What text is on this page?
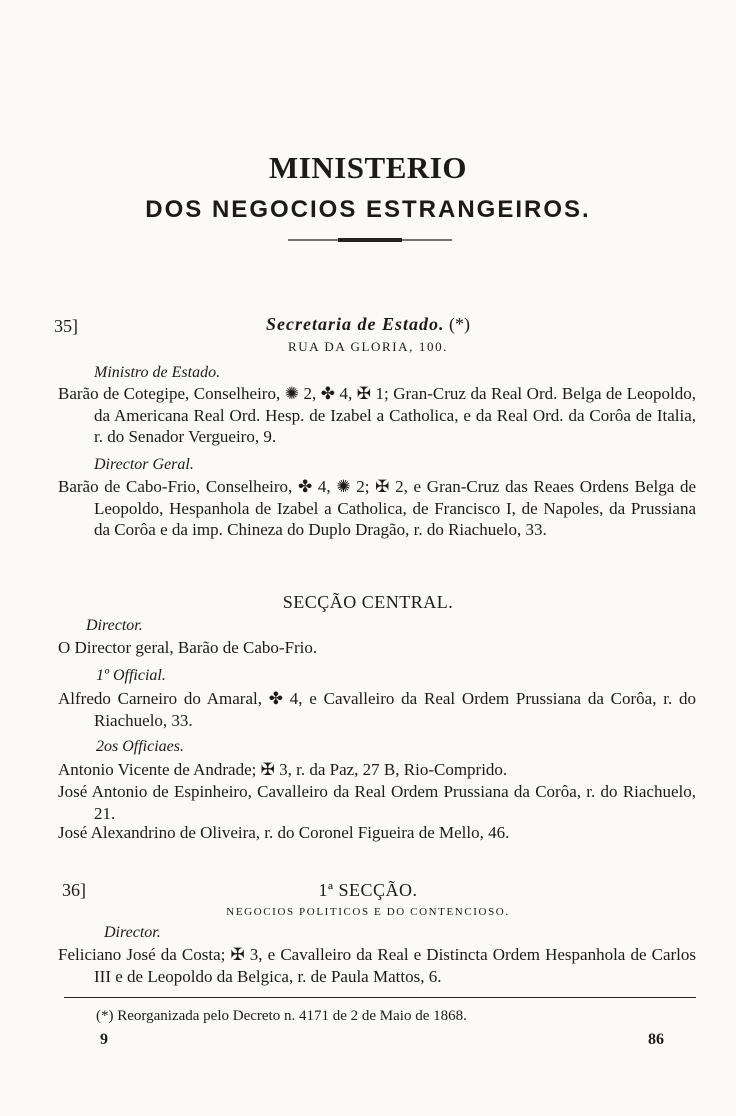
MINISTERIO
DOS NEGOCIOS ESTRANGEIROS.
35]	Secretaria de Estado. (*)
RUA DA GLORIA, 100.
Ministro de Estado.
Barão de Cotegipe, Conselheiro, ✺ 2, ✤ 4, ✠ 1; Gran-Cruz da Real Ord. Belga de Leopoldo, da Americana Real Ord. Hesp. de Izabel a Catholica, e da Real Ord. da Corôa de Italia, r. do Senador Vergueiro, 9.
Director Geral.
Barão de Cabo-Frio, Conselheiro, ✤ 4, ✺ 2; ✠ 2, e Gran-Cruz das Reaes Ordens Belga de Leopoldo, Hespanhola de Izabel a Catholica, de Francisco I, de Napoles, da Prussiana da Corôa e da imp. Chineza do Duplo Dragão, r. do Riachuelo, 33.
SECÇÃO CENTRAL.
Director.
O Director geral, Barão de Cabo-Frio.
1º Official.
Alfredo Carneiro do Amaral, ✤ 4, e Cavalleiro da Real Ordem Prussiana da Corôa, r. do Riachuelo, 33.
2os Officiaes.
Antonio Vicente de Andrade; ✠ 3, r. da Paz, 27 B, Rio-Comprido.
José Antonio de Espinheiro, Cavalleiro da Real Ordem Prussiana da Corôa, r. do Riachuelo, 21.
José Alexandrino de Oliveira, r. do Coronel Figueira de Mello, 46.
36]	1ª SECÇÃO.
NEGOCIOS POLITICOS E DO CONTENCIOSO.
Director.
Feliciano José da Costa; ✠ 3, e Cavalleiro da Real e Distincta Ordem Hespanhola de Carlos III e de Leopoldo da Belgica, r. de Paula Mattos, 6.
(*) Reorganizada pelo Decreto n. 4171 de 2 de Maio de 1868.
9	86
